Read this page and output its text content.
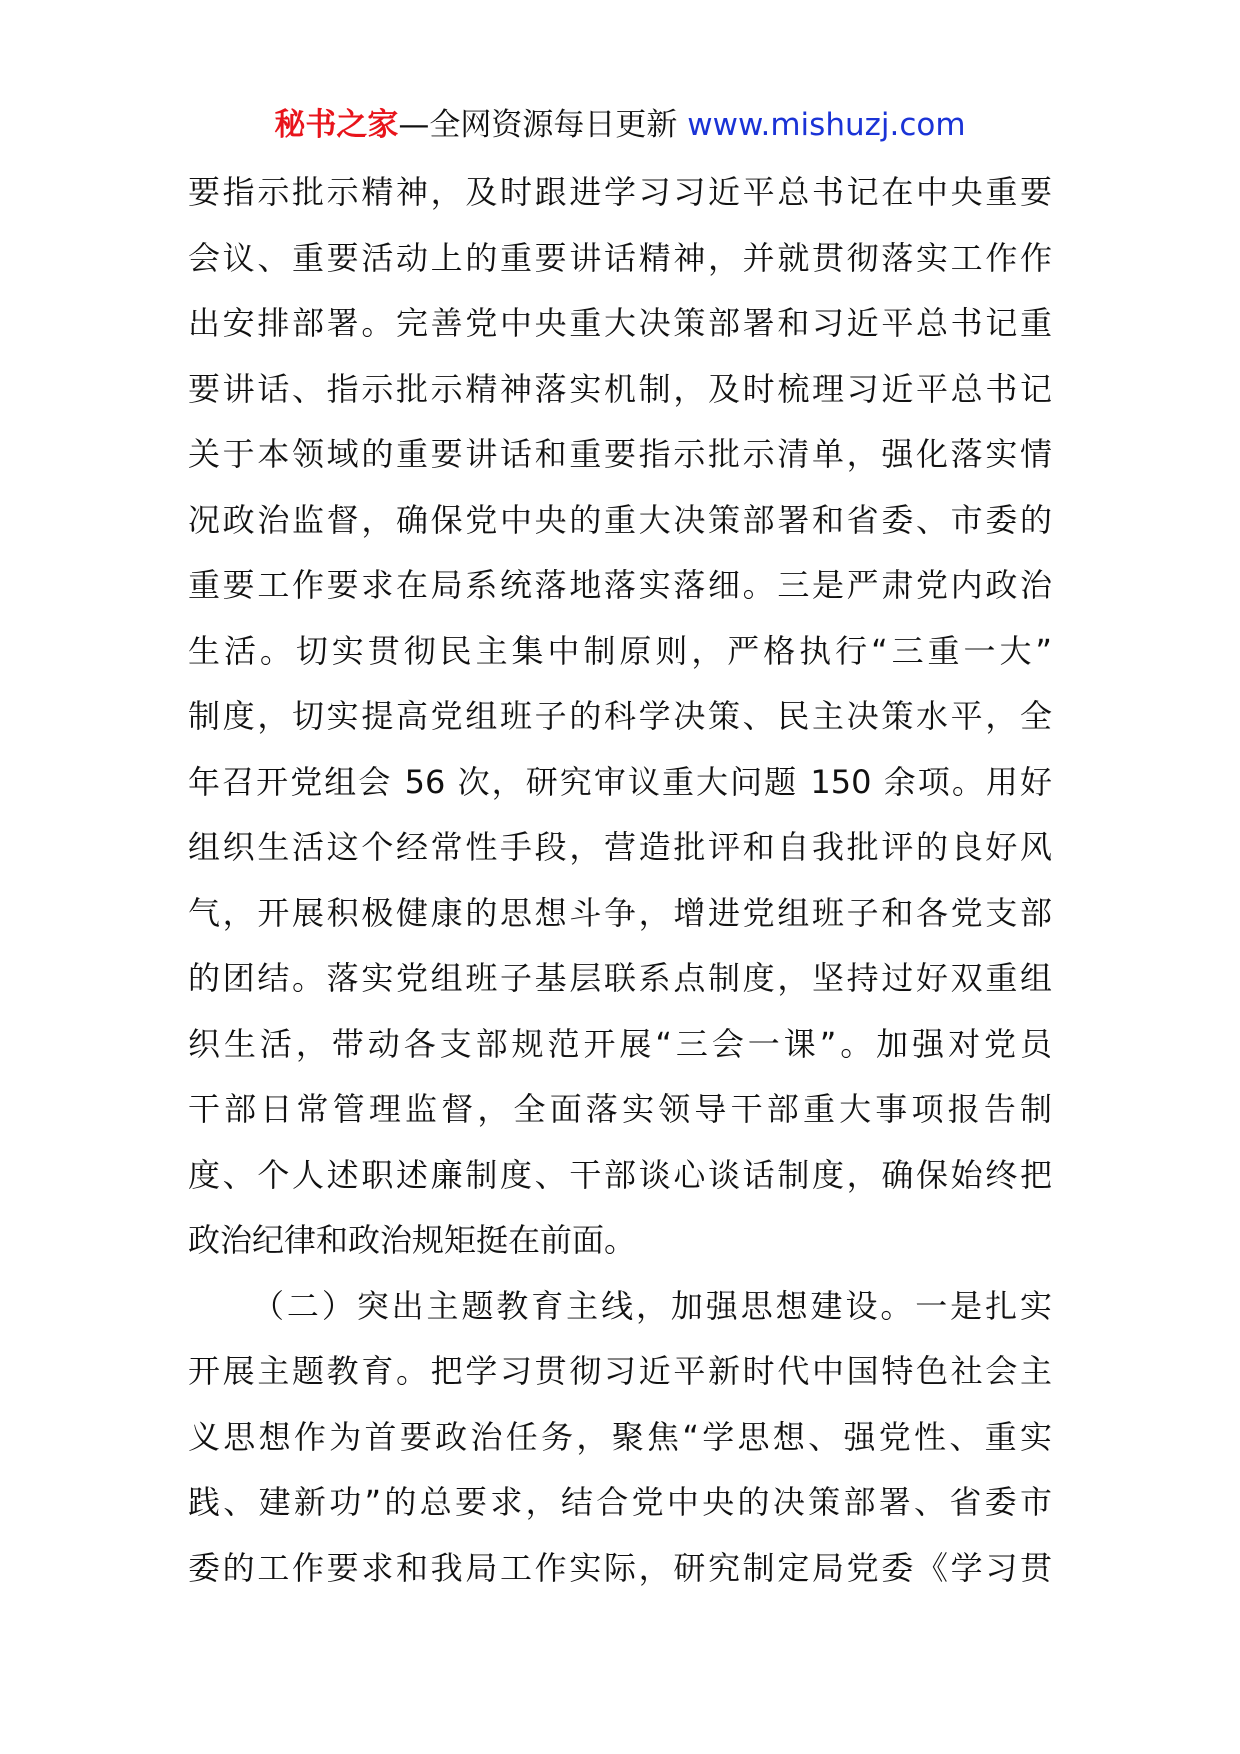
秘书之家—全网资源每日更新 www.mishuzj.com
要指示批示精神，及时跟进学习习近平总书记在中央重要
会议、重要活动上的重要讲话精神，并就贯彻落实工作作
出安排部署。完善党中央重大决策部署和习近平总书记重
要讲话、指示批示精神落实机制，及时梳理习近平总书记
关于本领域的重要讲话和重要指示批示清单，强化落实情
况政治监督，确保党中央的重大决策部署和省委、市委的
重要工作要求在局系统落地落实落细。三是严肃党内政治
生活。切实贯彻民主集中制原则，严格执行“三重一大”
制度，切实提高党组班子的科学决策、民主决策水平，全
年召开党组会 56 次，研究审议重大问题 150 余项。用好
组织生活这个经常性手段，营造批评和自我批评的良好风
气，开展积极健康的思想斗争，增进党组班子和各党支部
的团结。落实党组班子基层联系点制度，坚持过好双重组
织生活，带动各支部规范开展“三会一课”。加强对党员
干部日常管理监督，全面落实领导干部重大事项报告制
度、个人述职述廉制度、干部谈心谈话制度，确保始终把
政治纪律和政治规矩挺在前面。
（二）突出主题教育主线，加强思想建设。一是扎实
开展主题教育。把学习贯彻习近平新时代中国特色社会主
义思想作为首要政治任务，聚焦“学思想、强党性、重实
践、建新功”的总要求，结合党中央的决策部署、省委市
委的工作要求和我局工作实际，研究制定局党委《学习贯
